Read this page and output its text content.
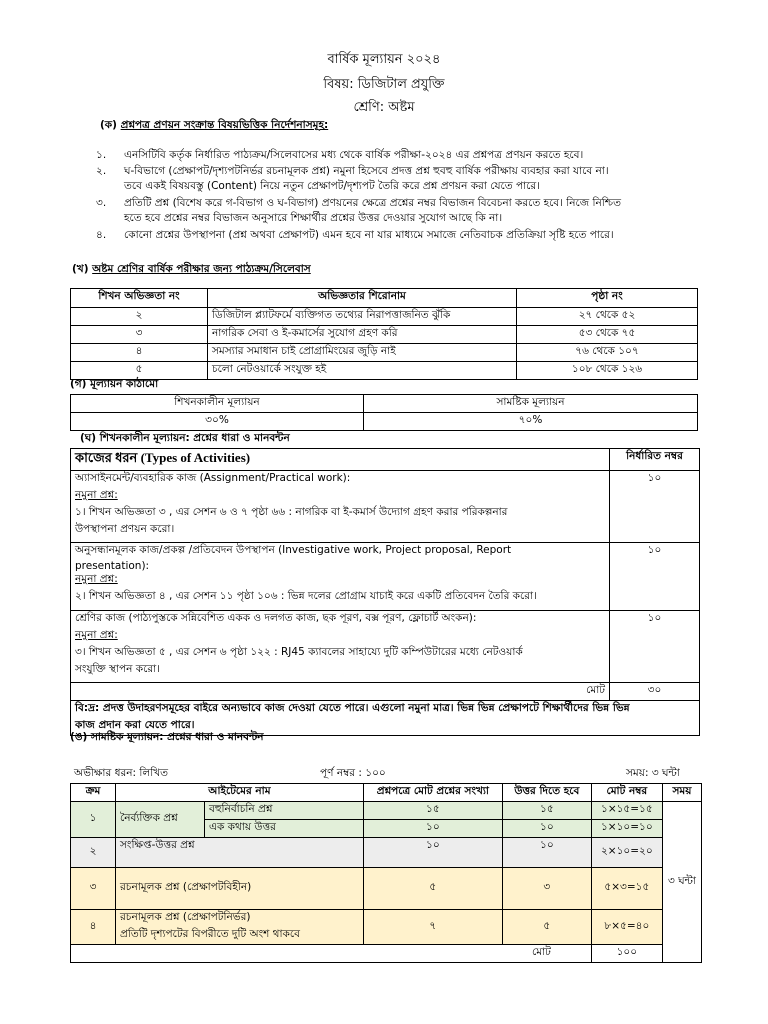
বার্ষিক মূল্যায়ন ২০২৪
বিষয়: ডিজিটাল প্রযুক্তি
শ্রেণি: অষ্টম
(ক) প্রশ্নপত্র প্রণয়ন সংক্রান্ত বিষয়ভিত্তিক নির্দেশনাসমূহ:
১.	এনসিটিবি কর্তৃক নির্ধারিত পাঠ্যক্রম/সিলেবাসের মধ্য থেকে বার্ষিক পরীক্ষা-২০২৪ এর প্রশ্নপত্র প্রণয়ন করতে হবে।
২.	ঘ-বিভাগে (প্রেক্ষাপট/দৃশ্যপটনির্ভর রচনামূলক প্রশ্ন) নমুনা হিসেবে প্রদত্ত প্রশ্ন হুবহু বার্ষিক পরীক্ষায় ব্যবহার করা যাবে না।
তবে একই বিষয়বস্তু (Content) নিয়ে নতুন প্রেক্ষাপট/দৃশ্যপট তৈরি করে প্রশ্ন প্রণয়ন করা যেতে পারে।
৩.	প্রতিটি প্রশ্ন (বিশেষ করে গ-বিভাগ ও ঘ-বিভাগ) প্রণয়নের ক্ষেত্রে প্রশ্নের নম্বর বিভাজন বিবেচনা করতে হবে। নিজে নিশ্চিত
হতে হবে প্রশ্নের নম্বর বিভাজন অনুসারে শিক্ষার্থীর প্রশ্নের উত্তর দেওয়ার সুযোগ আছে কি না।
৪.	কোনো প্রশ্নের উপস্থাপনা (প্রশ্ন অথবা প্রেক্ষাপট) এমন হবে না যার মাধ্যমে সমাজে নেতিবাচক প্রতিক্রিয়া সৃষ্টি হতে পারে।
(খ) অষ্টম শ্রেণির বার্ষিক পরীক্ষার জন্য পাঠ্যক্রম/সিলেবাস
শিখন অভিজ্ঞতা নং	অভিজ্ঞতার শিরোনাম	পৃষ্ঠা নং
২	ডিজিটাল প্ল্যাটফর্মে ব্যক্তিগত তথ্যের নিরাপত্তাজনিত ঝুঁকি	২৭ থেকে ৫২
৩	নাগরিক সেবা ও ই-কমার্সের সুযোগ গ্রহণ করি	৫৩ থেকে ৭৫
৪	সমস্যার সমাধান চাই প্রোগ্রামিংয়ের জুড়ি নাই	৭৬ থেকে ১০৭
৫	চলো নেটওয়ার্কে সংযুক্ত হই	১০৮ থেকে ১২৬
(গ) মূল্যায়ন কাঠামো
শিখনকালীন মূল্যায়ন	সামষ্টিক মূল্যায়ন
৩০%	৭০%
(ঘ) শিখনকালীন মূল্যায়ন: প্রশ্নের ধারা ও মানবন্টন
কাজের ধরন (Types of Activities)	নির্ধারিত নম্বর

অ্যাসাইনমেন্ট/ব্যবহারিক কাজ (Assignment/Practical work):
নমুনা প্রশ্ন:
১। শিখন অভিজ্ঞতা ৩ , এর সেশন ৬ ও ৭ পৃষ্ঠা ৬৬ : নাগরিক বা ই-কমার্স উদ্যোগ গ্রহণ করার পরিকল্পনার
উপস্থাপনা প্রণয়ন করো।	১০

অনুসন্ধানমূলক কাজ/প্রকল্প /প্রতিবেদন উপস্থাপন (Investigative work, Project proposal, Report
presentation):
নমুনা প্রশ্ন:
২। শিখন অভিজ্ঞতা ৪ , এর সেশন ১১ পৃষ্ঠা ১০৬ : ভিন্ন দলের প্রোগ্রাম যাচাই করে একটি প্রতিবেদন তৈরি করো।	১০

শ্রেণির কাজ (পাঠ্যপুস্তকে সন্নিবেশিত একক ও দলগত কাজ, ছক পূরণ, বক্স পূরণ, ফ্লোচার্ট অংকন):
নমুনা প্রশ্ন:
৩। শিখন অভিজ্ঞতা ৫ , এর সেশন ৬ পৃষ্ঠা ১২২ : RJ45 ক্যাবলের সাহায্যে দুটি কম্পিউটারের মধ্যে নেটওয়ার্ক
সংযুক্তি স্থাপন করো।	১০
মোট	৩০

বি:দ্র: প্রদত্ত উদাহরণসমূহের বাইরে অন্যভাবে কাজ দেওয়া যেতে পারে। এগুলো নমুনা মাত্র। ভিন্ন ভিন্ন প্রেক্ষাপটে শিক্ষার্থীদের ভিন্ন ভিন্ন
কাজ প্রদান করা যেতে পারে।	
(ঙ) সামষ্টিক মূল্যায়ন: প্রশ্নের ধারা ও মানবন্টন
অভীক্ষার ধরন: লিখিত	পূর্ণ নম্বর : ১০০	সময়: ৩ ঘন্টা
ক্রম	আইটেমের নাম		প্রশ্নপত্রে মোট প্রশ্নের সংখ্যা	উত্তর দিতে হবে	মোট নম্বর	সময়
১	নৈর্ব্যক্তিক প্রশ্ন	বহুনির্বাচনি প্রশ্ন	১৫	১৫	১×১৫=১৫	৩ ঘন্টা
		এক কথায় উত্তর	১০	১০	১×১০=১০	
২	সংক্ষিপ্ত-উত্তর প্রশ্ন		১০	১০	২×১০=২০	
৩	রচনামূলক প্রশ্ন (প্রেক্ষাপটবিহীন)		৫	৩	৫×৩=১৫	
৪	রচনামূলক প্রশ্ন (প্রেক্ষাপটনির্ভর)
প্রতিটি দৃশ্যপটের বিপরীতে দুটি অংশ থাকবে		৭	৫	৮×৫=৪০	
মোট					১০০	
